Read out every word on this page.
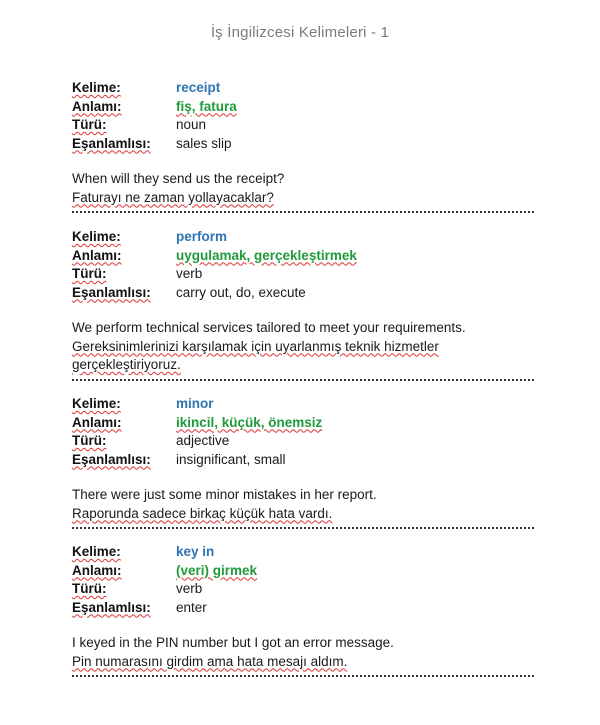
İş İngilizcesi Kelimeleri - 1
Kelime:	receipt
Anlamı:	fiş, fatura
Türü:	noun
Eşanlamlısı:	sales slip
When will they send us the receipt?
Faturayı ne zaman yollayacaklar?
Kelime:	perform
Anlamı:	uygulamak, gerçekleştirmek
Türü:	verb
Eşanlamlısı:	carry out, do, execute
We perform technical services tailored to meet your requirements.
Gereksinimlerinizi karşılamak için uyarlanmış teknik hizmetler gerçekleştiriyoruz.
Kelime:	minor
Anlamı:	ikincil, küçük, önemsiz
Türü:	adjective
Eşanlamlısı:	insignificant, small
There were just some minor mistakes in her report.
Raporunda sadece birkaç küçük hata vardı.
Kelime:	key in
Anlamı:	(veri) girmek
Türü:	verb
Eşanlamlısı:	enter
I keyed in the PIN number but I got an error message.
Pin numarasını girdim ama hata mesajı aldım.
